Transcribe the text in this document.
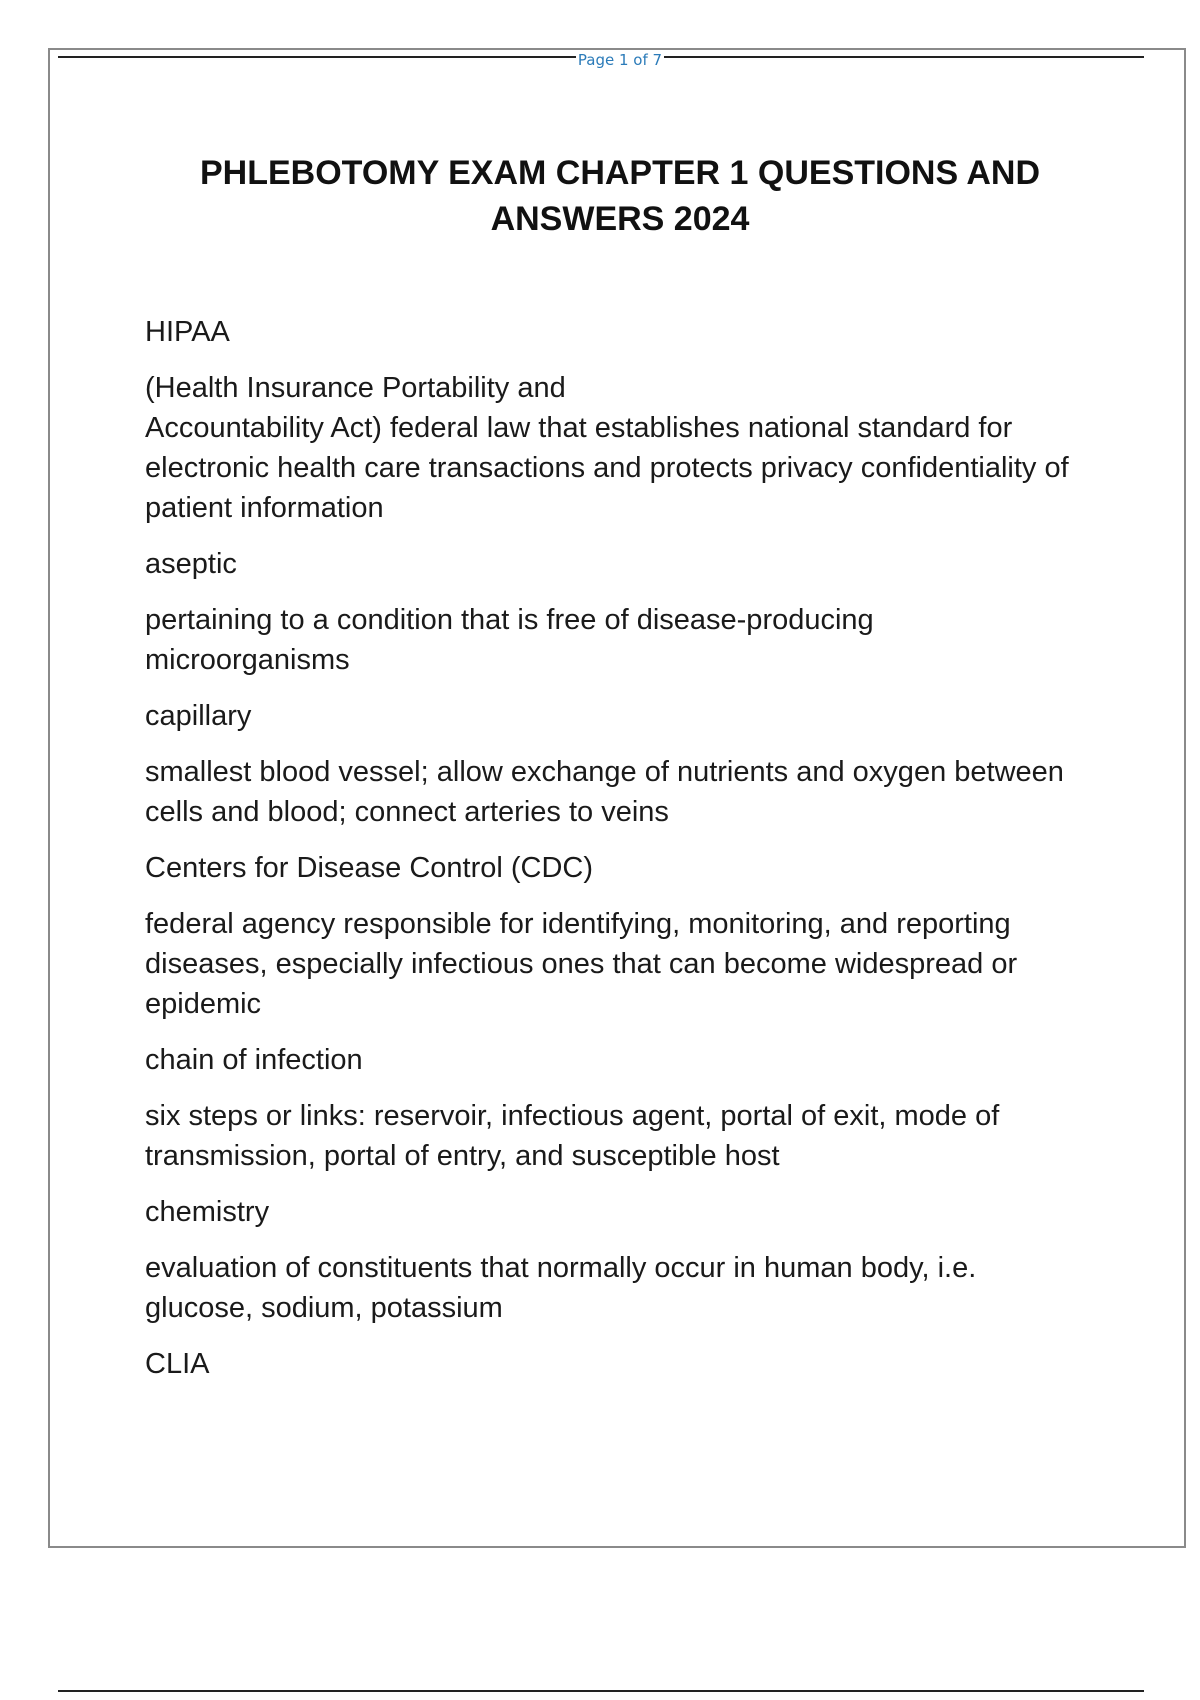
Page 1 of 7
PHLEBOTOMY EXAM CHAPTER 1 QUESTIONS AND ANSWERS 2024
HIPAA
(Health Insurance Portability and
Accountability Act) federal law that establishes national standard for electronic health care transactions and protects privacy confidentiality of patient information
aseptic
pertaining to a condition that is free of disease-producing microorganisms
capillary
smallest blood vessel; allow exchange of nutrients and oxygen between cells and blood; connect arteries to veins
Centers for Disease Control (CDC)
federal agency responsible for identifying, monitoring, and reporting diseases, especially infectious ones that can become widespread or epidemic
chain of infection
six steps or links: reservoir, infectious agent, portal of exit, mode of transmission, portal of entry, and susceptible host
chemistry
evaluation of constituents that normally occur in human body, i.e. glucose, sodium, potassium
CLIA
